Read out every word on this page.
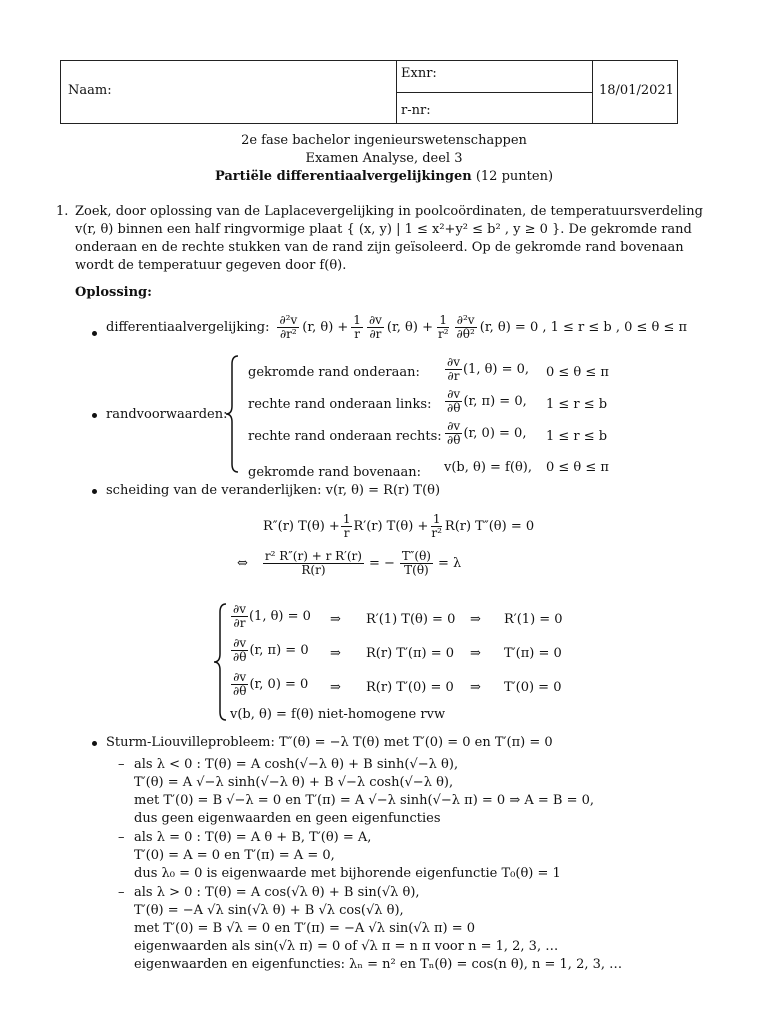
Naam:
Exnr:
r-nr:
18/01/2021
2e fase bachelor ingenieurswetenschappen
Examen Analyse, deel 3
Partiële differentiaalvergelijkingen (12 punten)
1. Zoek, door oplossing van de Laplacevergelijking in poolcoördinaten, de temperatuursverdeling
v(r, θ) binnen een half ringvormige plaat { (x, y) | 1 ≤ x²+y² ≤ b² , y ≥ 0 }. De gekromde rand
onderaan en de rechte stukken van de rand zijn geïsoleerd. Op de gekromde rand bovenaan
wordt de temperatuur gegeven door f(θ).
Oplossing:
differentiaalvergelijking: $\frac{\text{∂²v}}{\text{∂r²}} (r$, $\theta) + \frac{1}{r} \frac{\partial v}{\partial r} (r$, $\theta) + \frac{1}{\text{r²}} \frac{\text{∂²v}}{\text{∂θ²}} (r$, θ) = 0 , 1 ≤ r ≤ b , 0 ≤ θ ≤ π
randvoorwaarden:
gekromde rand onderaan: $\frac{\partial v}{\partial r} (1$, θ) = 0, 0 ≤ θ ≤ π
rechte rand onderaan links: $\frac{\partial v}{\partial\theta} (r$, π) = 0, 1 ≤ r ≤ b
rechte rand onderaan rechts: $\frac{\partial v}{\partial\theta} (r$, 0) = 0, 1 ≤ r ≤ b
gekromde rand bovenaan: v(b, θ) = f(θ), 0 ≤ θ ≤ π
scheiding van de veranderlijken: v(r, θ) = R(r) T(θ)
R″(r) $T(\theta) + \frac{1}{r} R'(r) T(\theta) + \frac{1}{\text{r²}} R(r) T''(\theta) = 0$
⇔ $\frac{\text{r² R″(r) + r R′(r)}}{R(r)}$ = − $\frac{T''(\theta)}{T(\theta)} = \lambda$
$\frac{\partial v}{\partial r} (1$, θ) = 0 ⇒ R′(1) T(θ) = 0 ⇒ R′(1) = 0
$\frac{\partial v}{\partial\theta} (r$, π) = 0 ⇒ R(r) T′(π) = 0 ⇒ T′(π) = 0
$\frac{\partial v}{\partial\theta} (r$, 0) = 0 ⇒ R(r) T′(0) = 0 ⇒ T′(0) = 0
v(b, θ) = f(θ) niet-homogene rvw
Sturm-Liouvilleprobleem: T″(θ) = −λ T(θ) met T′(0) = 0 en T′(π) = 0
– als λ < 0 : T(θ) = A cosh(√−λ θ) + B sinh(√−λ θ),
T′(θ) = A √−λ sinh(√−λ θ) + B √−λ cosh(√−λ θ),
met T′(0) = B √−λ = 0 en T′(π) = A √−λ sinh(√−λ π) = 0 ⇒ A = B = 0,
dus geen eigenwaarden en geen eigenfuncties
– als λ = 0 : T(θ) = A θ + B, T′(θ) = A,
T′(0) = A = 0 en T′(π) = A = 0,
dus λ₀ = 0 is eigenwaarde met bijhorende eigenfunctie T₀(θ) = 1
– als λ > 0 : T(θ) = A cos(√λ θ) + B sin(√λ θ),
T′(θ) = −A √λ sin(√λ θ) + B √λ cos(√λ θ),
met T′(0) = B √λ = 0 en T′(π) = −A √λ sin(√λ π) = 0
eigenwaarden als sin(√λ π) = 0 of √λ π = n π voor n = 1, 2, 3, …
eigenwaarden en eigenfuncties: λₙ = n² en Tₙ(θ) = cos(n θ), n = 1, 2, 3, …
